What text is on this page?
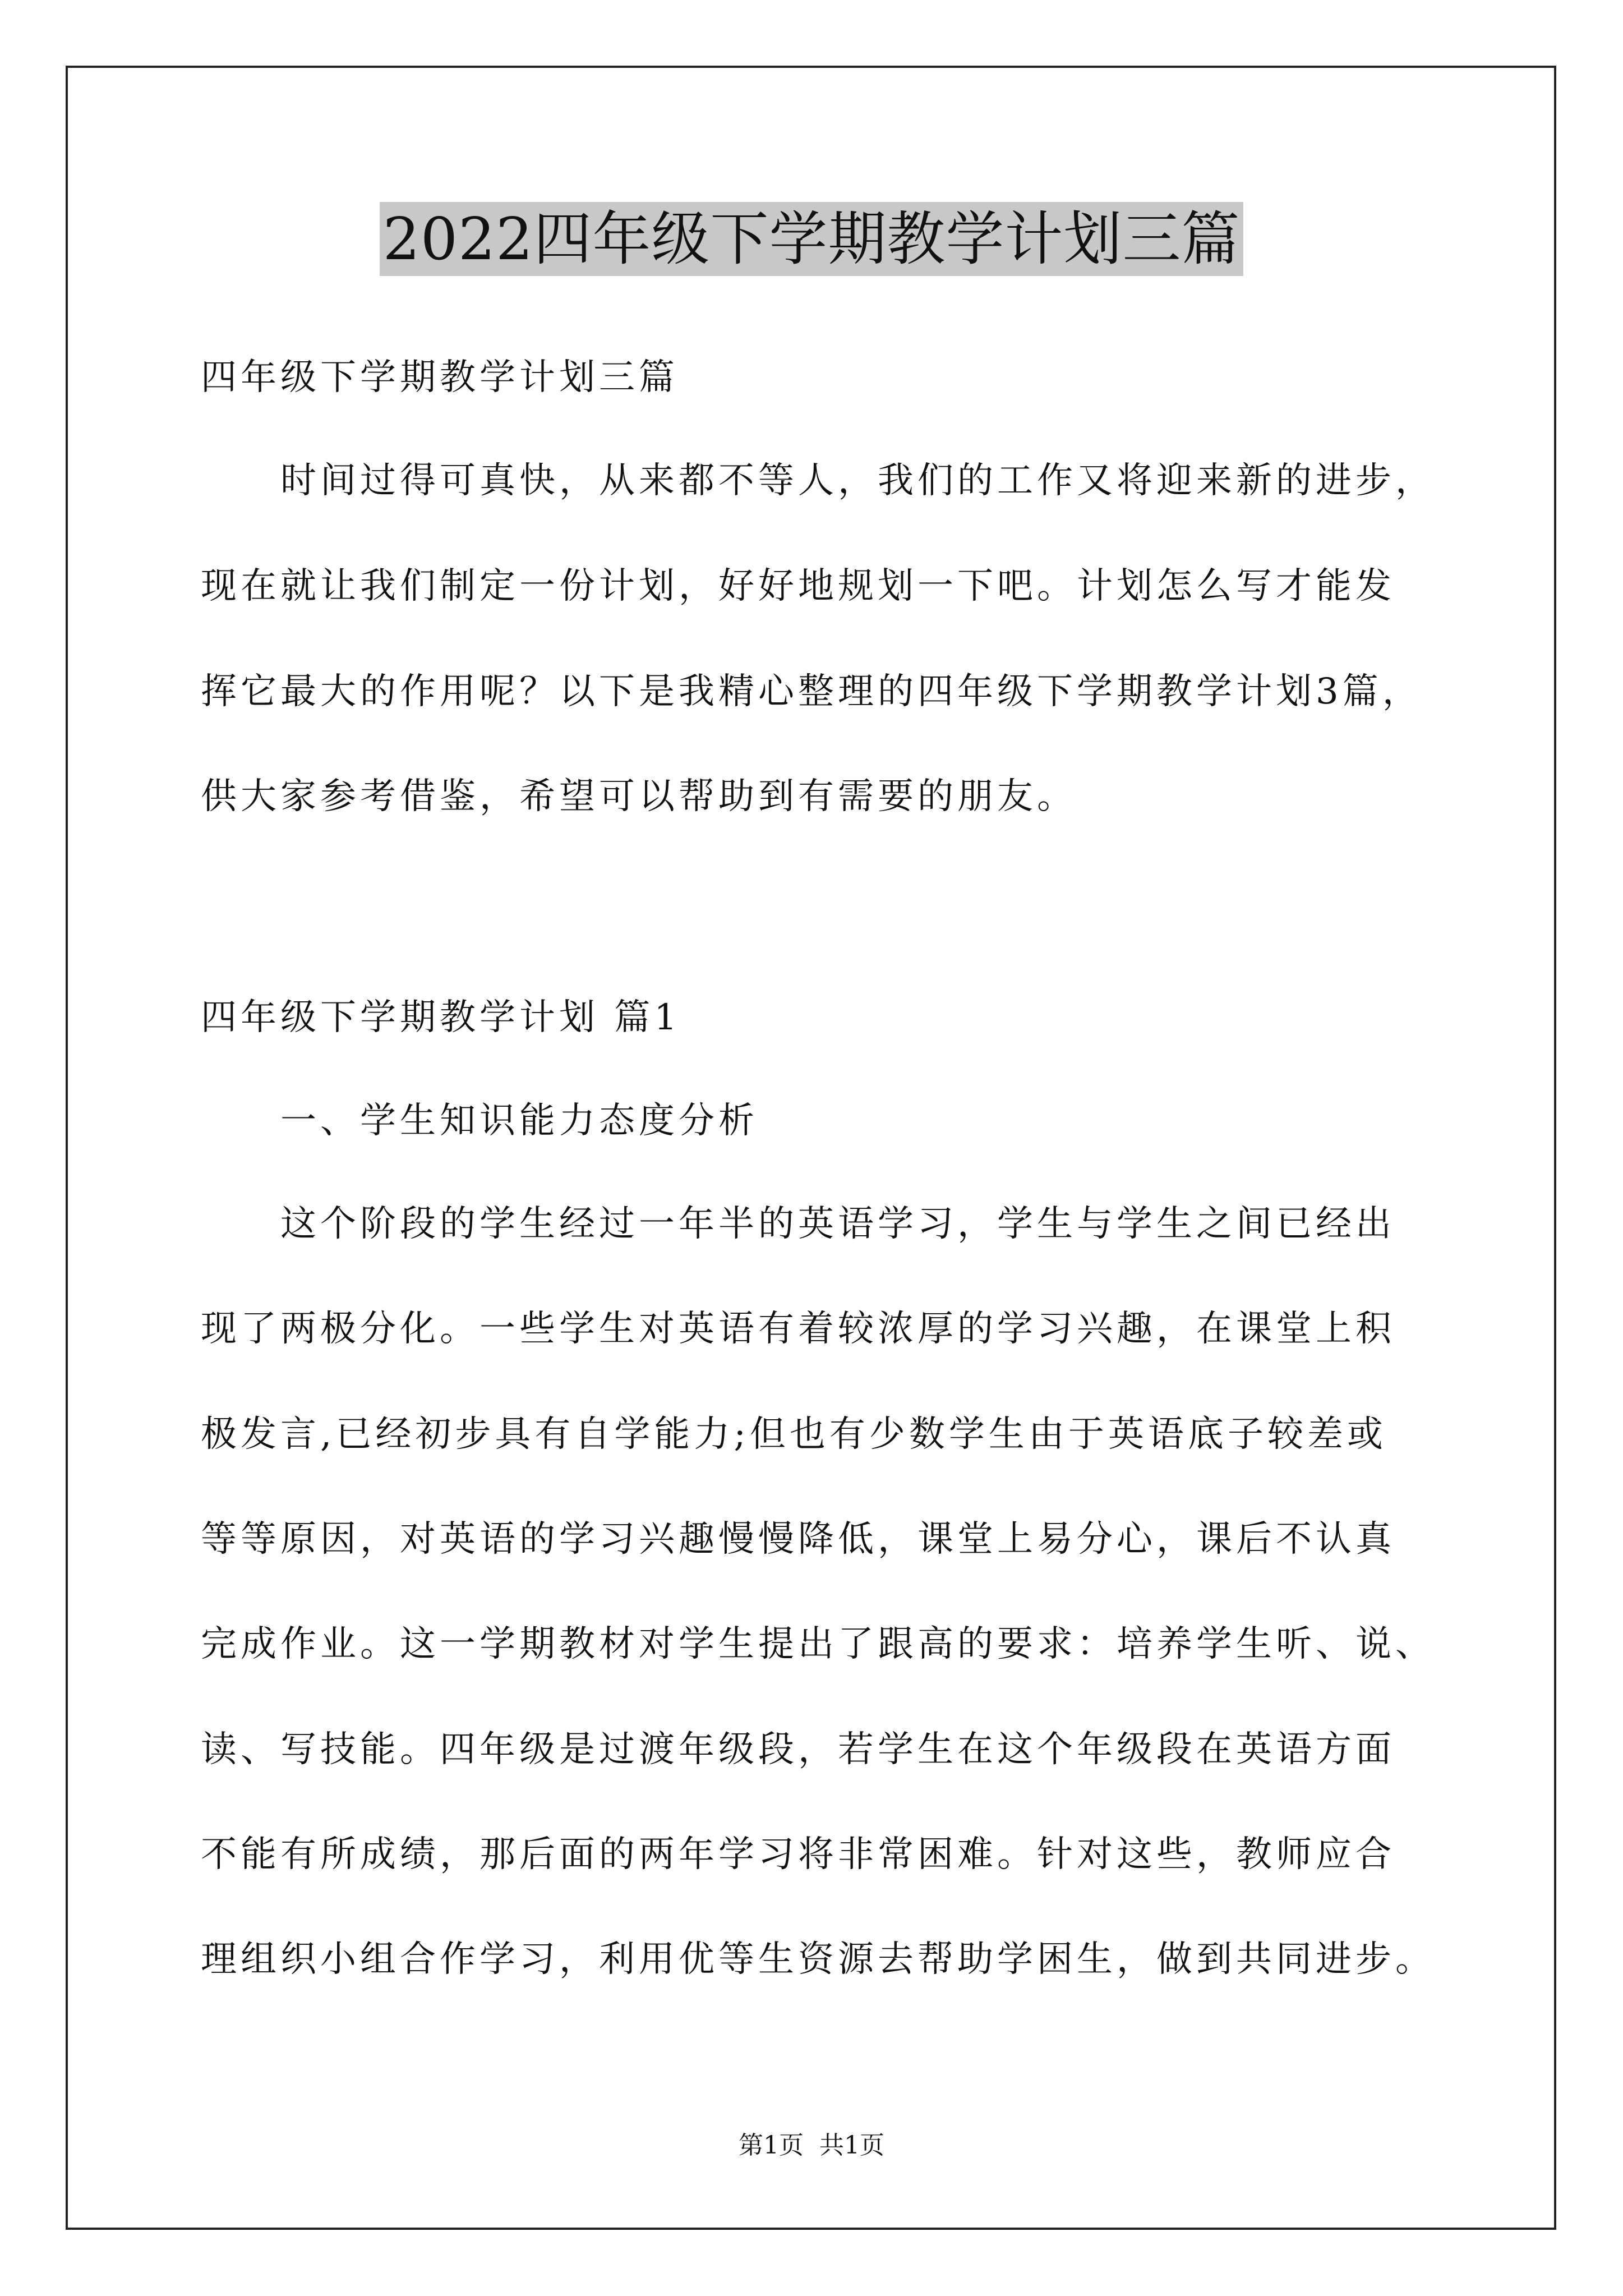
2022四年级下学期教学计划三篇
四年级下学期教学计划三篇
时间过得可真快，从来都不等人，我们的工作又将迎来新的进步，
现在就让我们制定一份计划，好好地规划一下吧。计划怎么写才能发
挥它最大的作用呢？以下是我精心整理的四年级下学期教学计划3篇，
供大家参考借鉴，希望可以帮助到有需要的朋友。
四年级下学期教学计划 篇1
一、学生知识能力态度分析
这个阶段的学生经过一年半的英语学习，学生与学生之间已经出
现了两极分化。一些学生对英语有着较浓厚的学习兴趣，在课堂上积
极发言,已经初步具有自学能力;但也有少数学生由于英语底子较差或
等等原因，对英语的学习兴趣慢慢降低，课堂上易分心，课后不认真
完成作业。这一学期教材对学生提出了跟高的要求：培养学生听、说、
读、写技能。四年级是过渡年级段，若学生在这个年级段在英语方面
不能有所成绩，那后面的两年学习将非常困难。针对这些，教师应合
理组织小组合作学习，利用优等生资源去帮助学困生，做到共同进步。
第1页 共1页
